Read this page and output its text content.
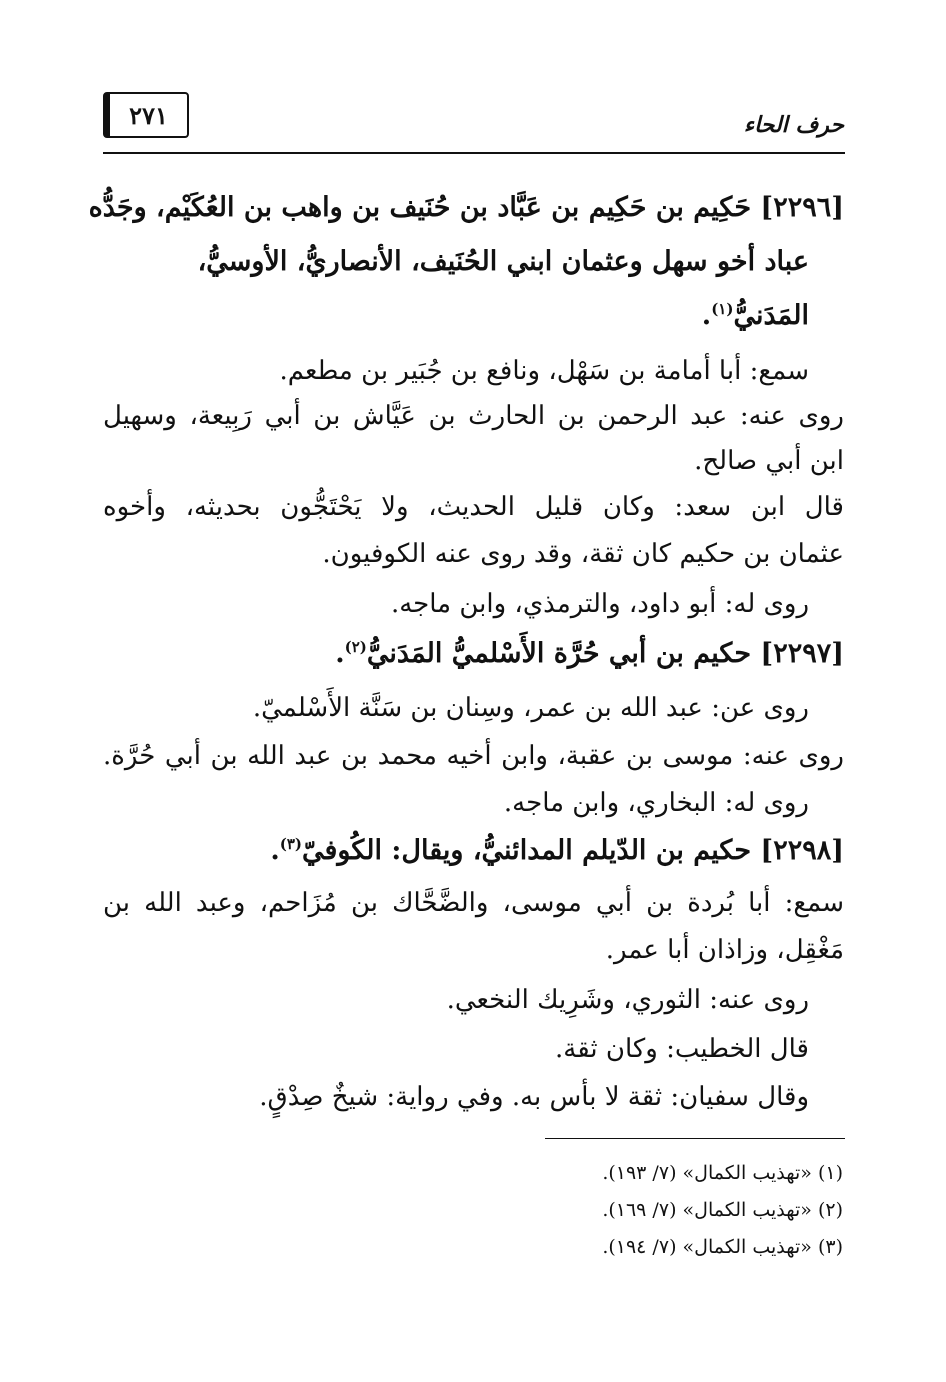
٢٧١	حرف الحاء
[٢٢٩٦] حَكِيم بن حَكِيم بن عَبَّاد بن حُنَيف بن واهب بن العُكَيْم، وجَدُّه
عباد أخو سهل وعثمان ابني الحُنَيف، الأنصاريُّ، الأوسيُّ،
المَدَنيُّ$^{(١)}$.
سمع: أبا أمامة بن سَهْل، ونافع بن جُبَير بن مطعم.
روى عنه: عبد الرحمن بن الحارث بن عَيَّاش بن أبي رَبِيعة، وسهيل
ابن أبي صالح.
قال ابن سعد: وكان قليل الحديث، ولا يَحْتَجُّون بحديثه، وأخوه
عثمان بن حكيم كان ثقة، وقد روى عنه الكوفيون.
روى له: أبو داود، والترمذي، وابن ماجه.
[٢٢٩٧] حكيم بن أبي حُرَّة الأَسْلميُّ المَدَنيُّ$^{(٢)}$.
روى عن: عبد الله بن عمر، وسِنان بن سَنَّة الأَسْلميّ.
روى عنه: موسى بن عقبة، وابن أخيه محمد بن عبد الله بن أبي حُرَّة.
روى له: البخاري، وابن ماجه.
[٢٢٩٨] حكيم بن الدّيلم المدائنيُّ، ويقال: الكُوفيّ$^{(٣)}$.
سمع: أبا بُردة بن أبي موسى، والضَّحَّاك بن مُزَاحم، وعبد الله بن
مَغْقِل، وزاذان أبا عمر.
روى عنه: الثوري، وشَرِيك النخعي.
قال الخطيب: وكان ثقة.
وقال سفيان: ثقة لا بأس به. وفي رواية: شيخٌ صِدْقٍ.
(١) «تهذيب الكمال» (٧/ ١٩٣).
(٢) «تهذيب الكمال» (٧/ ١٦٩).
(٣) «تهذيب الكمال» (٧/ ١٩٤).
